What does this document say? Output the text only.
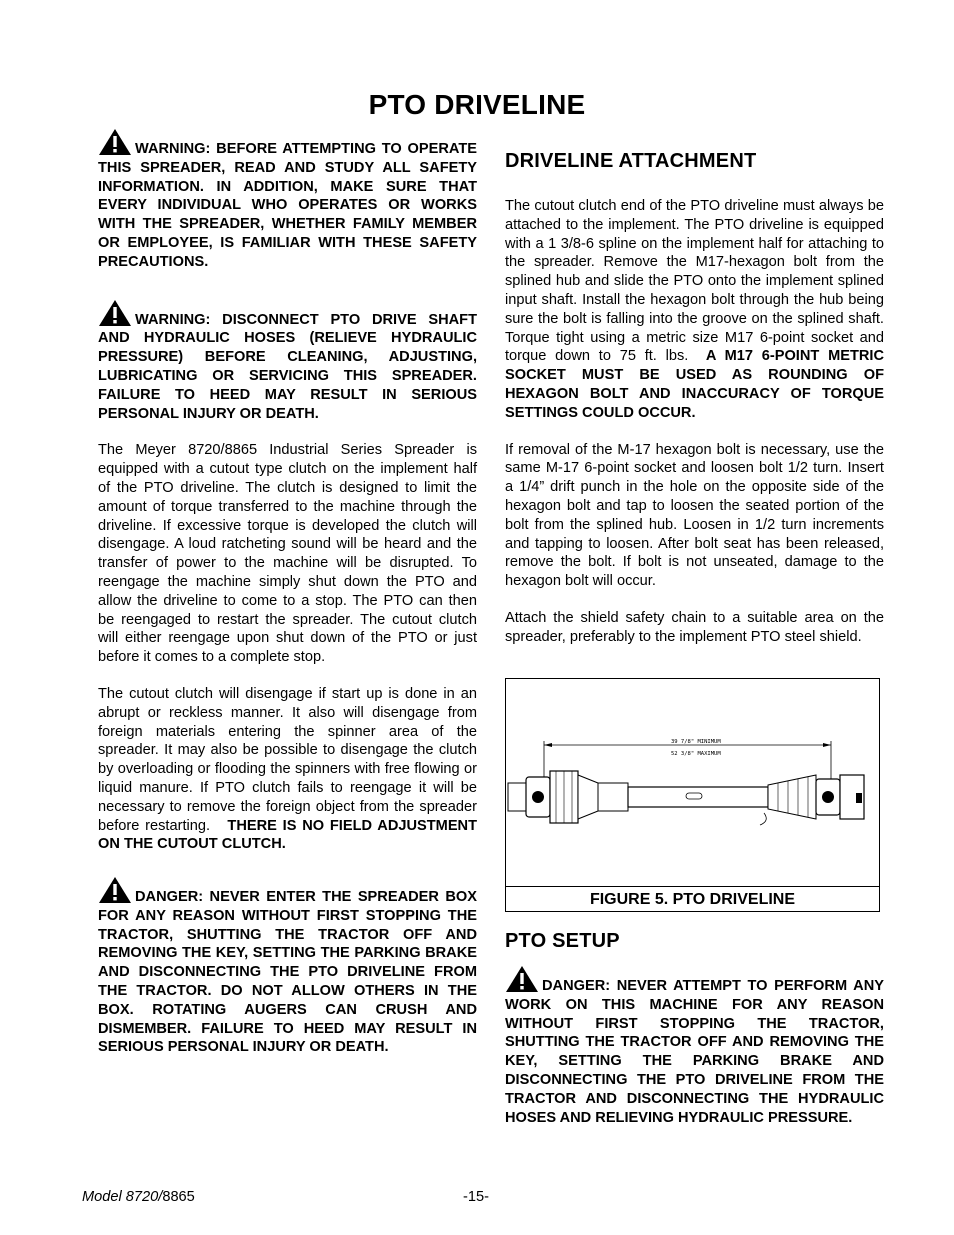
PTO DRIVELINE

WARNING: BEFORE ATTEMPTING TO OPERATE THIS SPREADER, READ AND STUDY ALL SAFETY INFORMATION. IN ADDITION, MAKE SURE THAT EVERY INDIVIDUAL WHO OPERATES OR WORKS WITH THE SPREADER, WHETHER FAMILY MEMBER OR EMPLOYEE, IS FAMILIAR WITH THESE SAFETY PRECAUTIONS.

WARNING: DISCONNECT PTO DRIVE SHAFT AND HYDRAULIC HOSES (RELIEVE HYDRAULIC PRESSURE) BEFORE CLEANING, ADJUSTING, LUBRICATING OR SERVICING THIS SPREADER. FAILURE TO HEED MAY RESULT IN SERIOUS PERSONAL INJURY OR DEATH.

The Meyer 8720/8865 Industrial Series Spreader is equipped with a cutout type clutch on the implement half of the PTO driveline. The clutch is designed to limit the amount of torque transferred to the machine through the driveline. If excessive torque is developed the clutch will disengage. A loud ratcheting sound will be heard and the transfer of power to the machine will be disrupted. To reengage the machine simply shut down the PTO and allow the driveline to come to a stop. The PTO can then be reengaged to restart the spreader. The cutout clutch will either reengage upon shut down of the PTO or just before it comes to a complete stop.

The cutout clutch will disengage if start up is done in an abrupt or reckless manner. It also will disengage from foreign materials entering the spinner area of the spreader. It may also be possible to disengage the clutch by overloading or flooding the spinners with free flowing or liquid manure. If PTO clutch fails to reengage it will be necessary to remove the foreign object from the spreader before restarting. THERE IS NO FIELD ADJUSTMENT ON THE CUTOUT CLUTCH.

DANGER: NEVER ENTER THE SPREADER BOX FOR ANY REASON WITHOUT FIRST STOPPING THE TRACTOR, SHUTTING THE TRACTOR OFF AND REMOVING THE KEY, SETTING THE PARKING BRAKE AND DISCONNECTING THE PTO DRIVELINE FROM THE TRACTOR. DO NOT ALLOW OTHERS IN THE BOX. ROTATING AUGERS CAN CRUSH AND DISMEMBER. FAILURE TO HEED MAY RESULT IN SERIOUS PERSONAL INJURY OR DEATH.

DRIVELINE ATTACHMENT

The cutout clutch end of the PTO driveline must always be attached to the implement. The PTO driveline is equipped with a 1 3/8-6 spline on the implement half for attaching to the spreader. Remove the M17-hexagon bolt from the splined hub and slide the PTO onto the implement splined input shaft. Install the hexagon bolt through the hub being sure the bolt is falling into the groove on the splined shaft. Torque tight using a metric size M17 6-point socket and torque down to 75 ft. lbs. A M17 6-POINT METRIC SOCKET MUST BE USED AS ROUNDING OF HEXAGON BOLT AND INACCURACY OF TORQUE SETTINGS COULD OCCUR.

If removal of the M-17 hexagon bolt is necessary, use the same M-17 6-point socket and loosen bolt 1/2 turn. Insert a 1/4” drift punch in the hole on the opposite side of the hexagon bolt and tap to loosen the seated portion of the bolt from the splined hub. Loosen in 1/2 turn increments and tapping to loosen. After bolt seat has been released, remove the bolt. If bolt is not unseated, damage to the hexagon bolt will occur.

Attach the shield safety chain to a suitable area on the spreader, preferably to the implement PTO steel shield.

39 7/8" MINIMUM
52 3/8" MAXIMUM
FIGURE 5. PTO DRIVELINE
PTO SETUP

DANGER: NEVER ATTEMPT TO PERFORM ANY WORK ON THIS MACHINE FOR ANY REASON WITHOUT FIRST STOPPING THE TRACTOR, SHUTTING THE TRACTOR OFF AND REMOVING THE KEY, SETTING THE PARKING BRAKE AND DISCONNECTING THE PTO DRIVELINE FROM THE TRACTOR AND DISCONNECTING THE HYDRAULIC HOSES AND RELIEVING HYDRAULIC PRESSURE.

Model 8720/8865	-15-
